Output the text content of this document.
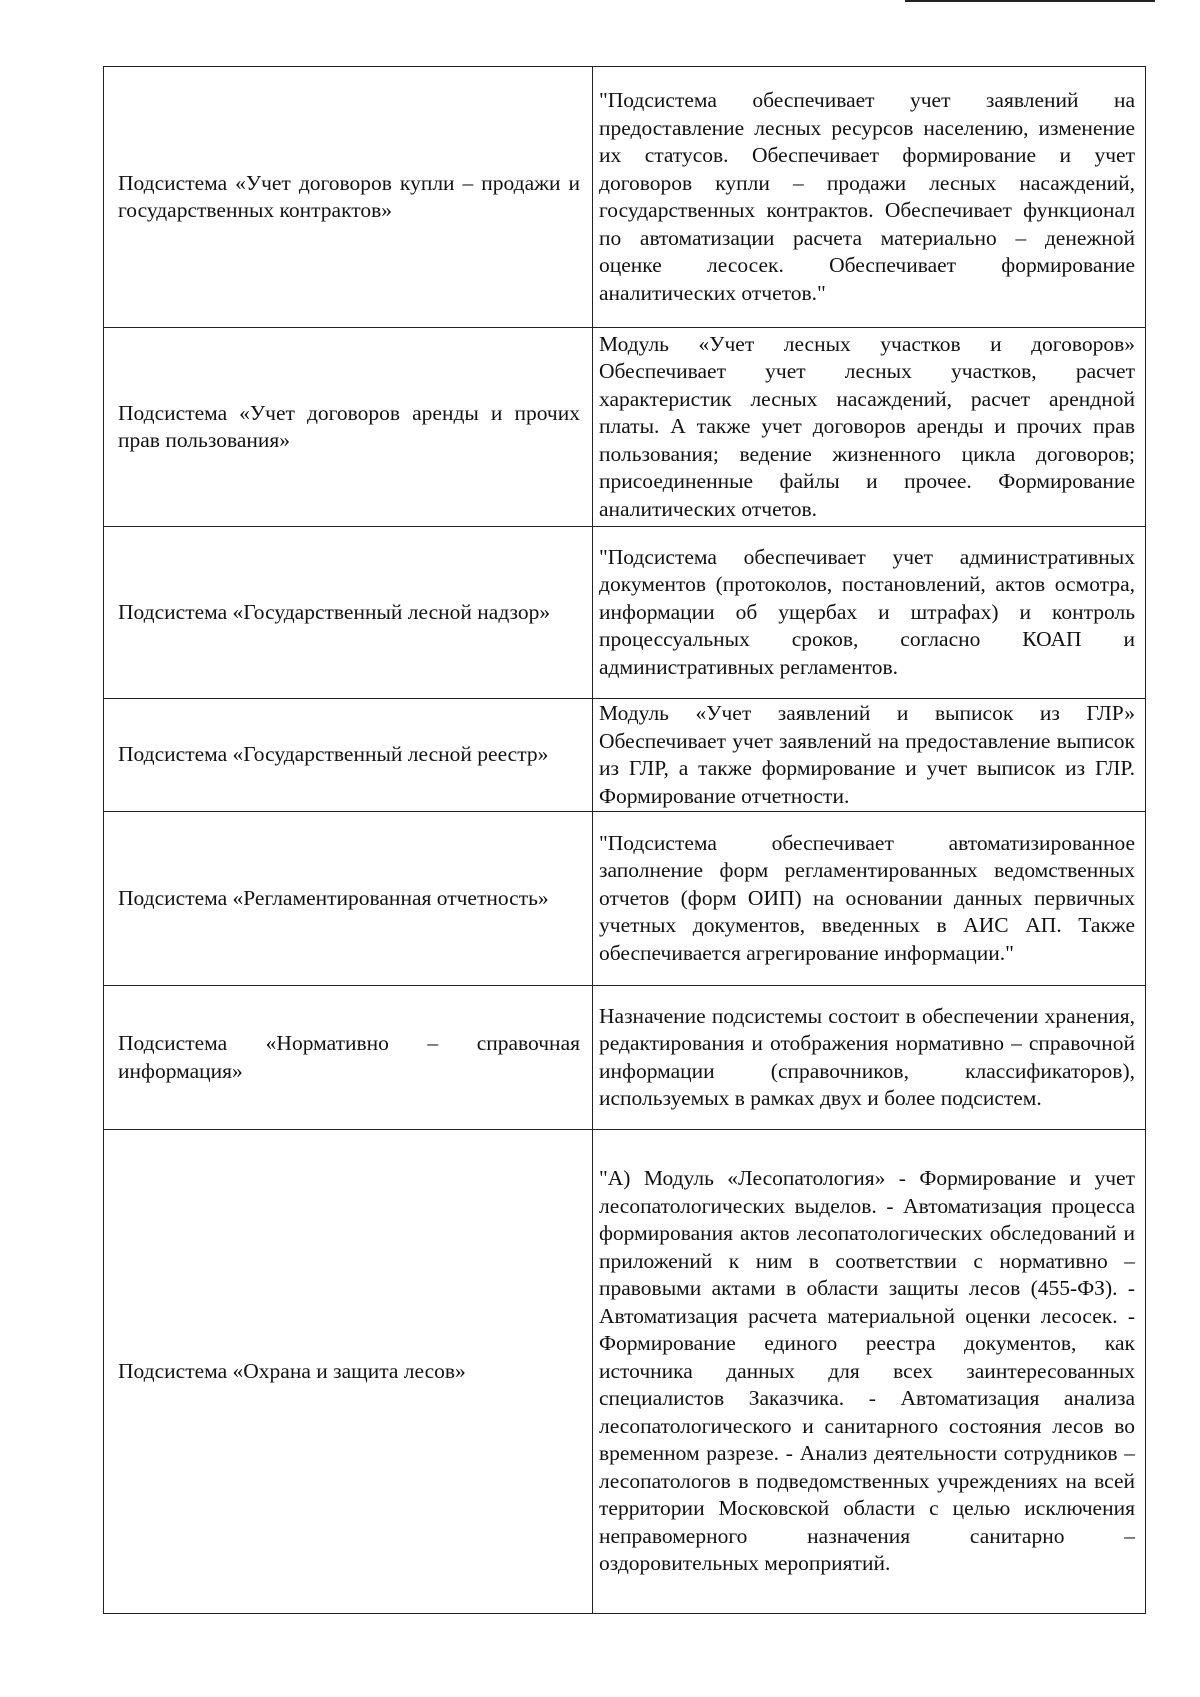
Подсистема «Учет договоров купли – продажи и государственных контрактов»	"Подсистема обеспечивает учет заявлений на предоставление лесных ресурсов населению, изменение их статусов. Обеспечивает формирование и учет договоров купли – продажи лесных насаждений, государственных контрактов. Обеспечивает функционал по автоматизации расчета материально – денежной оценке лесосек. Обеспечивает формирование аналитических отчетов."

Подсистема «Учет договоров аренды и прочих прав пользования»	Модуль «Учет лесных участков и договоров» Обеспечивает учет лесных участков, расчет характеристик лесных насаждений, расчет арендной платы. А также учет договоров аренды и прочих прав пользования; ведение жизненного цикла договоров; присоединенные файлы и прочее. Формирование аналитических отчетов.

Подсистема «Государственный лесной надзор»	"Подсистема обеспечивает учет административных документов (протоколов, постановлений, актов осмотра, информации об ущербах и штрафах) и контроль процессуальных сроков, согласно КОАП и административных регламентов.

Подсистема «Государственный лесной реестр»	Модуль «Учет заявлений и выписок из ГЛР» Обеспечивает учет заявлений на предоставление выписок из ГЛР, а также формирование и учет выписок из ГЛР. Формирование отчетности.

Подсистема «Регламентированная отчетность»	"Подсистема обеспечивает автоматизированное заполнение форм регламентированных ведомственных отчетов (форм ОИП) на основании данных первичных учетных документов, введенных в АИС АП. Также обеспечивается агрегирование информации."

Подсистема «Нормативно – справочная информация»	Назначение подсистемы состоит в обеспечении хранения, редактирования и отображения нормативно – справочной информации (справочников, классификаторов), используемых в рамках двух и более подсистем.

Подсистема «Охрана и защита лесов»	"А) Модуль «Лесопатология» - Формирование и учет лесопатологических выделов. - Автоматизация процесса формирования актов лесопатологических обследований и приложений к ним в соответствии с нормативно – правовыми актами в области защиты лесов (455-ФЗ). - Автоматизация расчета материальной оценки лесосек. - Формирование единого реестра документов, как источника данных для всех заинтересованных специалистов Заказчика. - Автоматизация анализа лесопатологического и санитарного состояния лесов во временном разрезе. - Анализ деятельности сотрудников – лесопатологов в подведомственных учреждениях на всей территории Московской области с целью исключения неправомерного назначения санитарно – оздоровительных мероприятий.
